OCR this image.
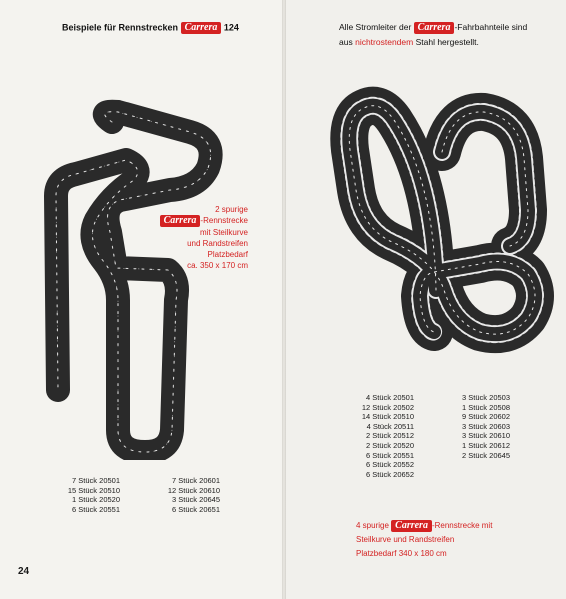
Beispiele für Rennstrecken Carrera 124
2 spurige
Carrera -Rennstrecke
mit Steilkurve
und Randstreifen
Platzbedarf
ca. 350 x 170 cm
7 Stück 20501
15 Stück 20510
1 Stück 20520
6 Stück 20551
7 Stück 20601
12 Stück 20610
3 Stück 20645
6 Stück 20651
24
Alle Stromleiter der Carrera -Fahrbahnteile sind
aus nichtrostendem Stahl hergestellt.
4 Stück 20501
12 Stück 20502
14 Stück 20510
4 Stück 20511
2 Stück 20512
2 Stück 20520
6 Stück 20551
6 Stück 20552
6 Stück 20652
3 Stück 20503
1 Stück 20508
9 Stück 20602
3 Stück 20603
3 Stück 20610
1 Stück 20612
2 Stück 20645
4 spurige Carrera -Rennstrecke mit
Steilkurve und Randstreifen
Platzbedarf 340 x 180 cm
